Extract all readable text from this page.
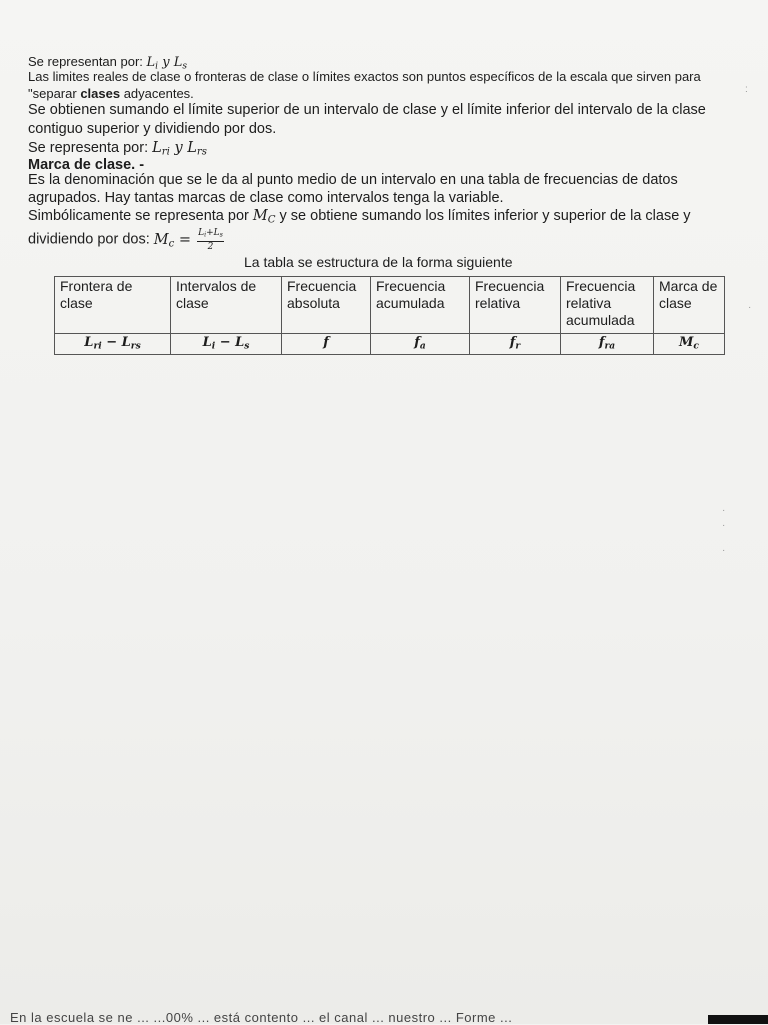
Se representan por: $L_i$ y $L_s$
Las limites reales de clase o fronteras de clase o límites exactos son puntos específicos de la escala que sirven para
"separar clases adyacentes.
Se obtienen sumando el límite superior de un intervalo de clase y el límite inferior del intervalo de la clase
contiguo superior y dividiendo por dos.
Se representa por: $L_{ri}$ y $L_{rs}$
Marca de clase. -
Es la denominación que se le da al punto medio de un intervalo en una tabla de frecuencias de datos
agrupados. Hay tantas marcas de clase como intervalos tenga la variable.
Simbólicamente se representa por $M_C$ y se obtiene sumando los límites inferior y superior de la clase y
dividiendo por dos: $M_c = \frac{L_i+L_s}{2}$
La tabla se estructura de la forma siguiente
Frontera de clase	Intervalos de clase	Frecuencia absoluta	Frecuencia acumulada	Frecuencia relativa	Frecuencia relativa acumulada	Marca de clase
$L_{ri} - L_{rs}$	$L_i - L_s$	f	$f_a$	$f_r$	$f_{ra}$	$M_c$
:
·
·
·
·
En la escuela se ne ... ...00% ... está contento ... el canal ... nuestro ... Forme ...
